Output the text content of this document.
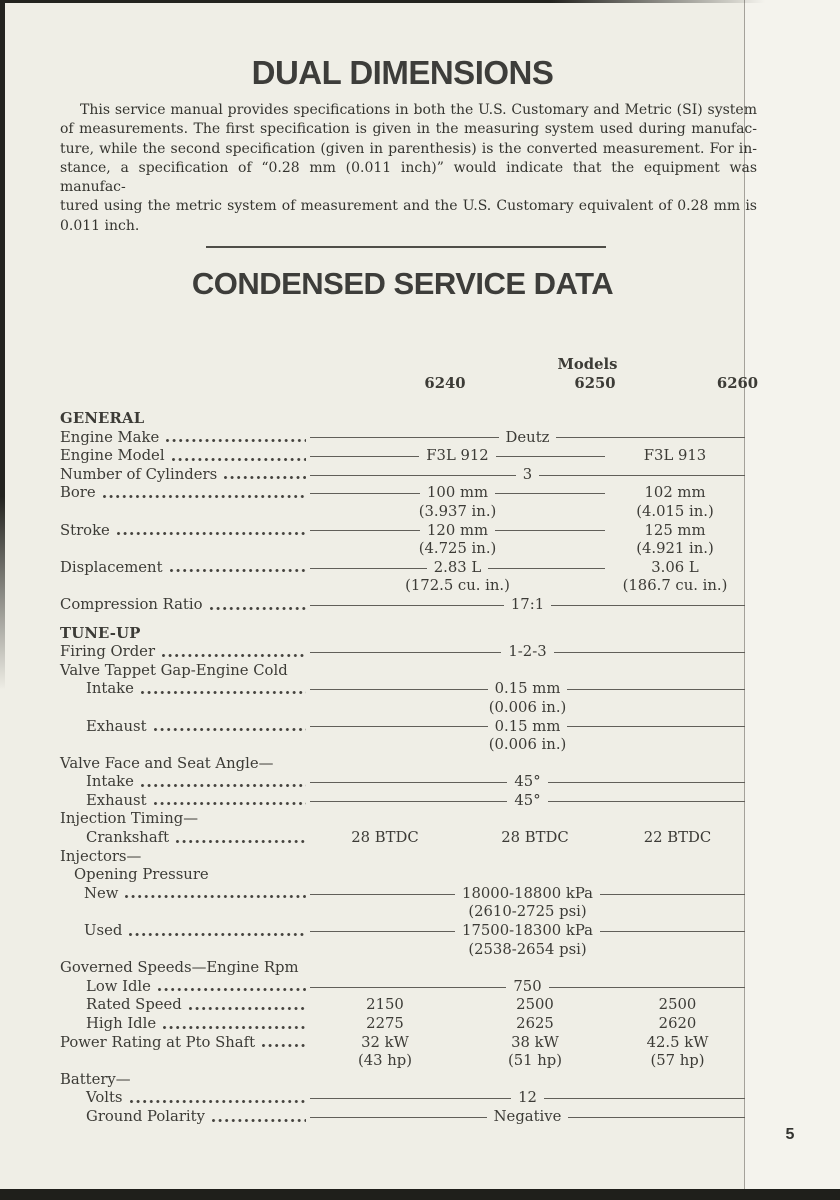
DUAL DIMENSIONS
This service manual provides specifications in both the U.S. Customary and Metric (SI) system
of measurements. The first specification is given in the measuring system used during manufac-
ture, while the second specification (given in parenthesis) is the converted measurement. For in-
stance, a specification of “0.28 mm (0.011 inch)” would indicate that the equipment was manufac-
tured using the metric system of measurement and the U.S. Customary equivalent of 0.28 mm is
0.011 inch.
CONDENSED SERVICE DATA
Models
6240	6250	6260
GENERAL
Engine Make	Deutz
Engine Model	F3L 912	F3L 913
Number of Cylinders	3
Bore	100 mm	102 mm
(3.937 in.)	(4.015 in.)
Stroke	120 mm	125 mm
(4.725 in.)	(4.921 in.)
Displacement	2.83 L	3.06 L
(172.5 cu. in.)	(186.7 cu. in.)
Compression Ratio	17:1
TUNE-UP
Firing Order	1-2-3
Valve Tappet Gap-Engine Cold
Intake	0.15 mm
(0.006 in.)
Exhaust	0.15 mm
(0.006 in.)
Valve Face and Seat Angle—
Intake	45°
Exhaust	45°
Injection Timing—
Crankshaft	28 BTDC	28 BTDC	22 BTDC
Injectors—
Opening Pressure
New	18000-18800 kPa
(2610-2725 psi)
Used	17500-18300 kPa
(2538-2654 psi)
Governed Speeds—Engine Rpm
Low Idle	750
Rated Speed	2150	2500	2500
High Idle	2275	2625	2620
Power Rating at Pto Shaft	32 kW	38 kW	42.5 kW
(43 hp)	(51 hp)	(57 hp)
Battery—
Volts	12
Ground Polarity	Negative
5
